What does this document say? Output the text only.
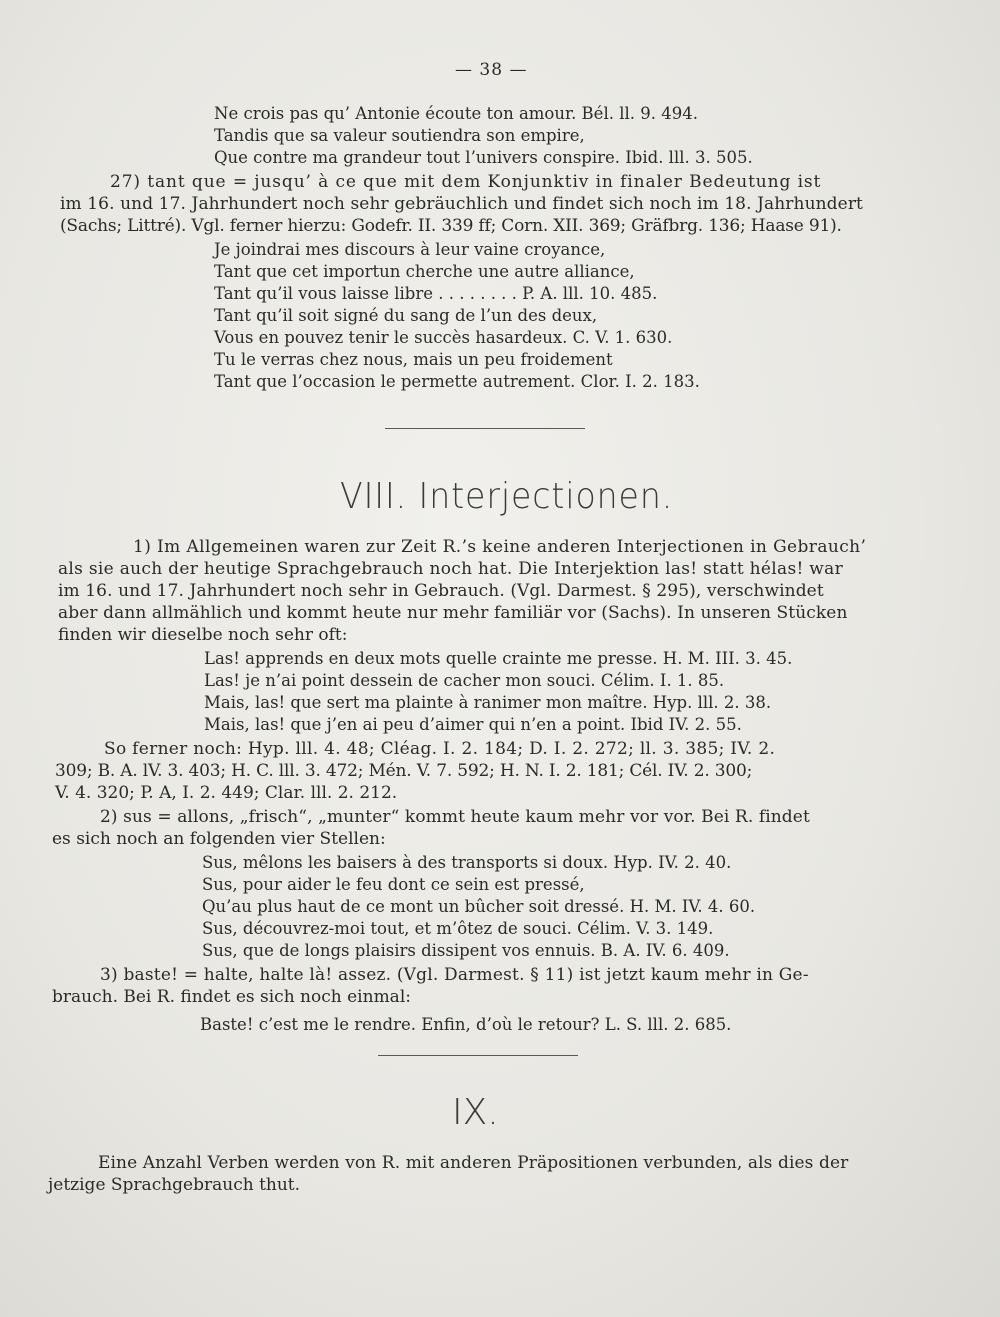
— 38 —
Ne crois pas qu’ Antonie écoute ton amour. Bél. ll. 9. 494.
Tandis que sa valeur soutiendra son empire,
Que contre ma grandeur tout l’univers conspire. Ibid. lll. 3. 505.
27) tant que = jusqu’ à ce que mit dem Konjunktiv in finaler Bedeutung ist
im 16. und 17. Jahrhundert noch sehr gebräuchlich und findet sich noch im 18. Jahrhundert
(Sachs; Littré). Vgl. ferner hierzu: Godefr. II. 339 ff; Corn. XII. 369; Gräfbrg. 136; Haase 91).
Je joindrai mes discours à leur vaine croyance,
Tant que cet importun cherche une autre alliance,
Tant qu’il vous laisse libre . . . . . . . . P. A. lll. 10. 485.
Tant qu’il soit signé du sang de l’un des deux,
Vous en pouvez tenir le succès hasardeux. C. V. 1. 630.
Tu le verras chez nous, mais un peu froidement
Tant que l’occasion le permette autrement. Clor. I. 2. 183.
VIII. Interjectionen.
1) Im Allgemeinen waren zur Zeit R.’s keine anderen Interjectionen in Gebrauch’
als sie auch der heutige Sprachgebrauch noch hat. Die Interjektion las! statt hélas! war
im 16. und 17. Jahrhundert noch sehr in Gebrauch. (Vgl. Darmest. § 295), verschwindet
aber dann allmählich und kommt heute nur mehr familiär vor (Sachs). In unseren Stücken
finden wir dieselbe noch sehr oft:
Las! apprends en deux mots quelle crainte me presse. H. M. III. 3. 45.
Las! je n’ai point dessein de cacher mon souci. Célim. I. 1. 85.
Mais, las! que sert ma plainte à ranimer mon maître. Hyp. lll. 2. 38.
Mais, las! que j’en ai peu d’aimer qui n’en a point. Ibid IV. 2. 55.
So ferner noch: Hyp. lll. 4. 48; Cléag. I. 2. 184; D. I. 2. 272; ll. 3. 385; IV. 2.
309; B. A. lV. 3. 403; H. C. lll. 3. 472; Mén. V. 7. 592; H. N. I. 2. 181; Cél. IV. 2. 300;
V. 4. 320; P. A, I. 2. 449; Clar. lll. 2. 212.
2) sus = allons, „frisch“, „munter“ kommt heute kaum mehr vor vor. Bei R. findet
es sich noch an folgenden vier Stellen:
Sus, mêlons les baisers à des transports si doux. Hyp. IV. 2. 40.
Sus, pour aider le feu dont ce sein est pressé,
Qu’au plus haut de ce mont un bûcher soit dressé. H. M. IV. 4. 60.
Sus, découvrez-moi tout, et m’ôtez de souci. Célim. V. 3. 149.
Sus, que de longs plaisirs dissipent vos ennuis. B. A. IV. 6. 409.
3) baste! = halte, halte là! assez. (Vgl. Darmest. § 11) ist jetzt kaum mehr in Ge-
brauch. Bei R. findet es sich noch einmal:
Baste! c’est me le rendre. Enfin, d’où le retour? L. S. lll. 2. 685.
IX.
Eine Anzahl Verben werden von R. mit anderen Präpositionen verbunden, als dies der
jetzige Sprachgebrauch thut.
